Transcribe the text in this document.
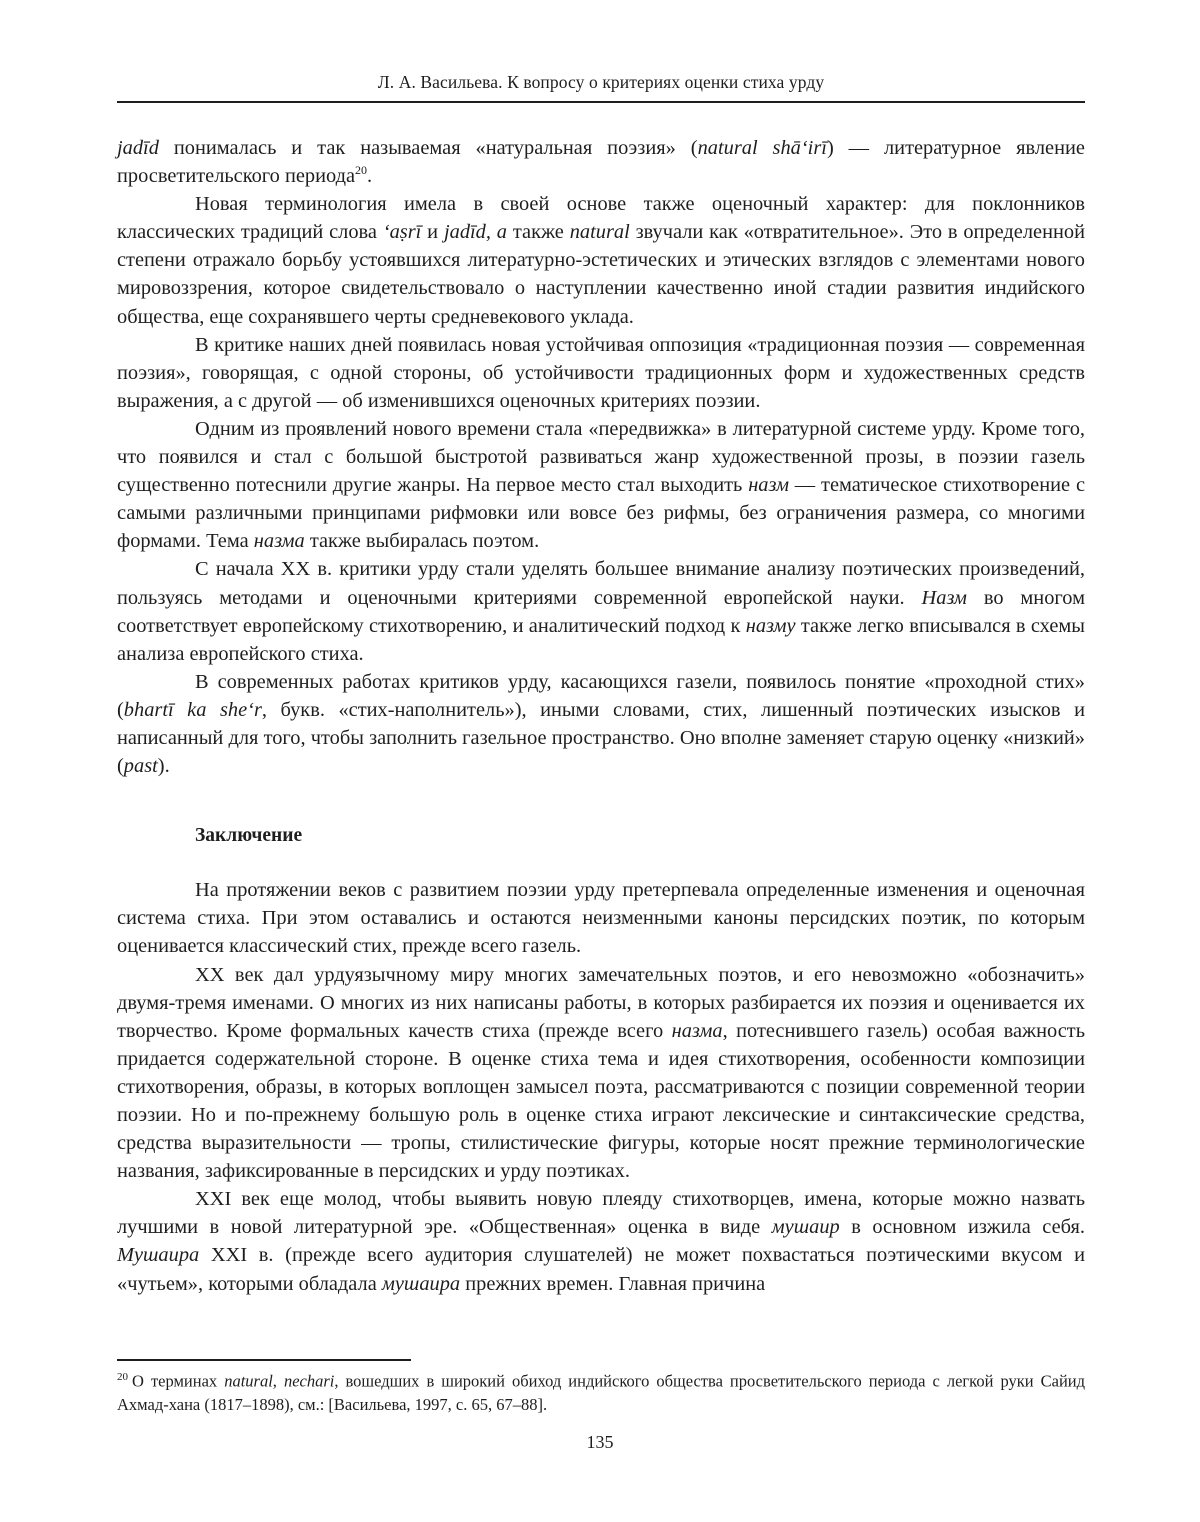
Л. А. Васильева. К вопросу о критериях оценки стиха урду

jadīd понималась и так называемая «натуральная поэзия» (natural shā‘irī) — литературное явление просветительского периода$^{20}$.

Новая терминология имела в своей основе также оценочный характер: для поклонников классических традиций слова ‘aṣrī и jadīd, а также natural звучали как «отвратительное». Это в определенной степени отражало борьбу устоявшихся литературно-эстетических и этических взглядов с элементами нового мировоззрения, которое свидетельствовало о наступлении качественно иной стадии развития индийского общества, еще сохранявшего черты средневекового уклада.

В критике наших дней появилась новая устойчивая оппозиция «традиционная поэзия — современная поэзия», говорящая, с одной стороны, об устойчивости традиционных форм и художественных средств выражения, а с другой — об изменившихся оценочных критериях поэзии.

Одним из проявлений нового времени стала «передвижка» в литературной системе урду. Кроме того, что появился и стал с большой быстротой развиваться жанр художественной прозы, в поэзии газель существенно потеснили другие жанры. На первое место стал выходить назм — тематическое стихотворение с самыми различными принципами рифмовки или вовсе без рифмы, без ограничения размера, со многими формами. Тема назма также выбиралась поэтом.

С начала XX в. критики урду стали уделять большее внимание анализу поэтических произведений, пользуясь методами и оценочными критериями современной европейской науки. Назм во многом соответствует европейскому стихотворению, и аналитический подход к назму также легко вписывался в схемы анализа европейского стиха.

В современных работах критиков урду, касающихся газели, появилось понятие «проходной стих» (bhartī ka she‘r, букв. «стих-наполнитель»), иными словами, стих, лишенный поэтических изысков и написанный для того, чтобы заполнить газельное пространство. Оно вполне заменяет старую оценку «низкий» (past).

Заключение

На протяжении веков с развитием поэзии урду претерпевала определенные изменения и оценочная система стиха. При этом оставались и остаются неизменными каноны персидских поэтик, по которым оценивается классический стих, прежде всего газель.

XX век дал урдуязычному миру многих замечательных поэтов, и его невозможно «обозначить» двумя-тремя именами. О многих из них написаны работы, в которых разбирается их поэзия и оценивается их творчество. Кроме формальных качеств стиха (прежде всего назма, потеснившего газель) особая важность придается содержательной стороне. В оценке стиха тема и идея стихотворения, особенности композиции стихотворения, образы, в которых воплощен замысел поэта, рассматриваются с позиции современной теории поэзии. Но и по-прежнему большую роль в оценке стиха играют лексические и синтаксические средства, средства выразительности — тропы, стилистические фигуры, которые носят прежние терминологические названия, зафиксированные в персидских и урду поэтиках.

XXI век еще молод, чтобы выявить новую плеяду стихотворцев, имена, которые можно назвать лучшими в новой литературной эре. «Общественная» оценка в виде мушаир в основном изжила себя. Мушаира XXI в. (прежде всего аудитория слушателей) не может похвастаться поэтическими вкусом и «чутьем», которыми обладала мушаира прежних времен. Главная причина

$^{20}$ О терминах natural, nechari, вошедших в широкий обиход индийского общества просветительского периода с легкой руки Сайид Ахмад-хана (1817–1898), см.: [Васильева, 1997, с. 65, 67–88].
135
